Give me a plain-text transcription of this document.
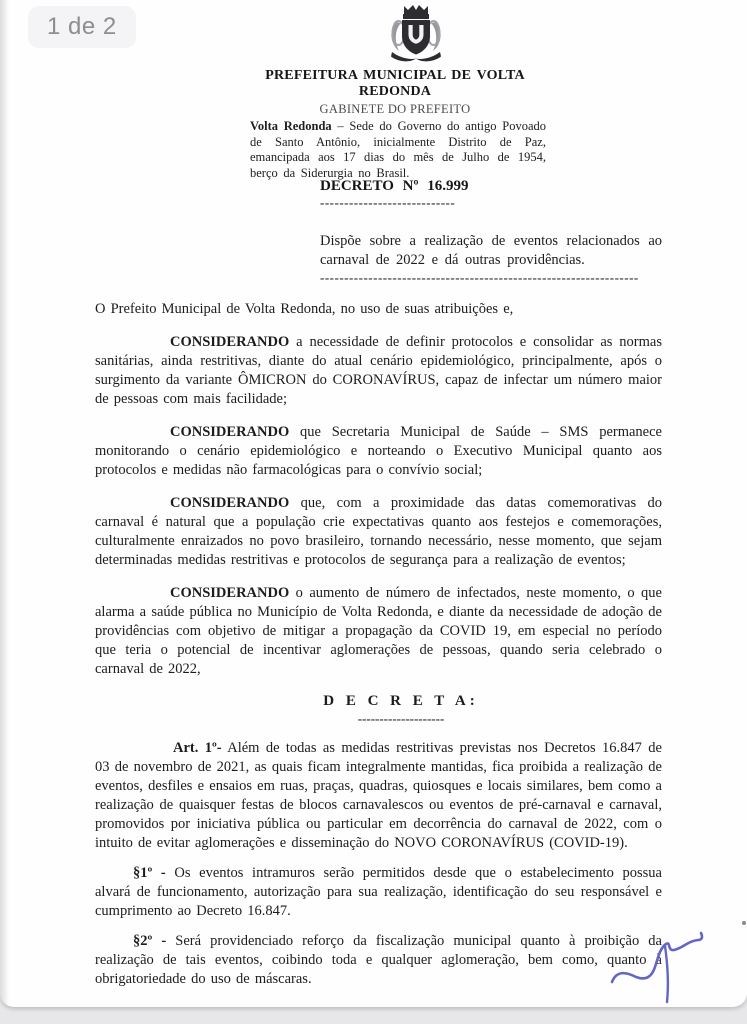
PREFEITURA MUNICIPAL DE VOLTA REDONDA
GABINETE DO PREFEITO

Volta Redonda – Sede do Governo do antigo Povoado de Santo Antônio, inicialmente Distrito de Paz, emancipada aos 17 dias do mês de Julho de 1954, berço da Siderurgia no Brasil.

DECRETO Nº 16.999
----------------------------

Dispõe sobre a realização de eventos relacionados ao carnaval de 2022 e dá outras providências.

------------------------------------------------------------------

O Prefeito Municipal de Volta Redonda, no uso de suas atribuições e,

CONSIDERANDO a necessidade de definir protocolos e consolidar as normas sanitárias, ainda restritivas, diante do atual cenário epidemiológico, principalmente, após o surgimento da variante ÔMICRON do CORONAVÍRUS, capaz de infectar um número maior de pessoas com mais facilidade;

CONSIDERANDO que Secretaria Municipal de Saúde – SMS permanece monitorando o cenário epidemiológico e norteando o Executivo Municipal quanto aos protocolos e medidas não farmacológicas para o convívio social;

CONSIDERANDO que, com a proximidade das datas comemorativas do carnaval é natural que a população crie expectativas quanto aos festejos e comemorações, culturalmente enraizados no povo brasileiro, tornando necessário, nesse momento, que sejam determinadas medidas restritivas e protocolos de segurança para a realização de eventos;

CONSIDERANDO o aumento de número de infectados, neste momento, o que alarma a saúde pública no Município de Volta Redonda, e diante da necessidade de adoção de providências com objetivo de mitigar a propagação da COVID 19, em especial no período que teria o potencial de incentivar aglomerações de pessoas, quando seria celebrado o carnaval de 2022,

D E C R E T A:
--------------------

Art. 1º- Além de todas as medidas restritivas previstas nos Decretos 16.847 de 03 de novembro de 2021, as quais ficam integralmente mantidas, fica proibida a realização de eventos, desfiles e ensaios em ruas, praças, quadras, quiosques e locais similares, bem como a realização de quaisquer festas de blocos carnavalescos ou eventos de pré-carnaval e carnaval, promovidos por iniciativa pública ou particular em decorrência do carnaval de 2022, com o intuito de evitar aglomerações e disseminação do NOVO CORONAVÍRUS (COVID-19).

§1º - Os eventos intramuros serão permitidos desde que o estabelecimento possua alvará de funcionamento, autorização para sua realização, identificação do seu responsável e cumprimento ao Decreto 16.847.

§2º - Será providenciado reforço da fiscalização municipal quanto à proibição da realização de tais eventos, coibindo toda e qualquer aglomeração, bem como, quanto à obrigatoriedade do uso de máscaras.

1 de 2
